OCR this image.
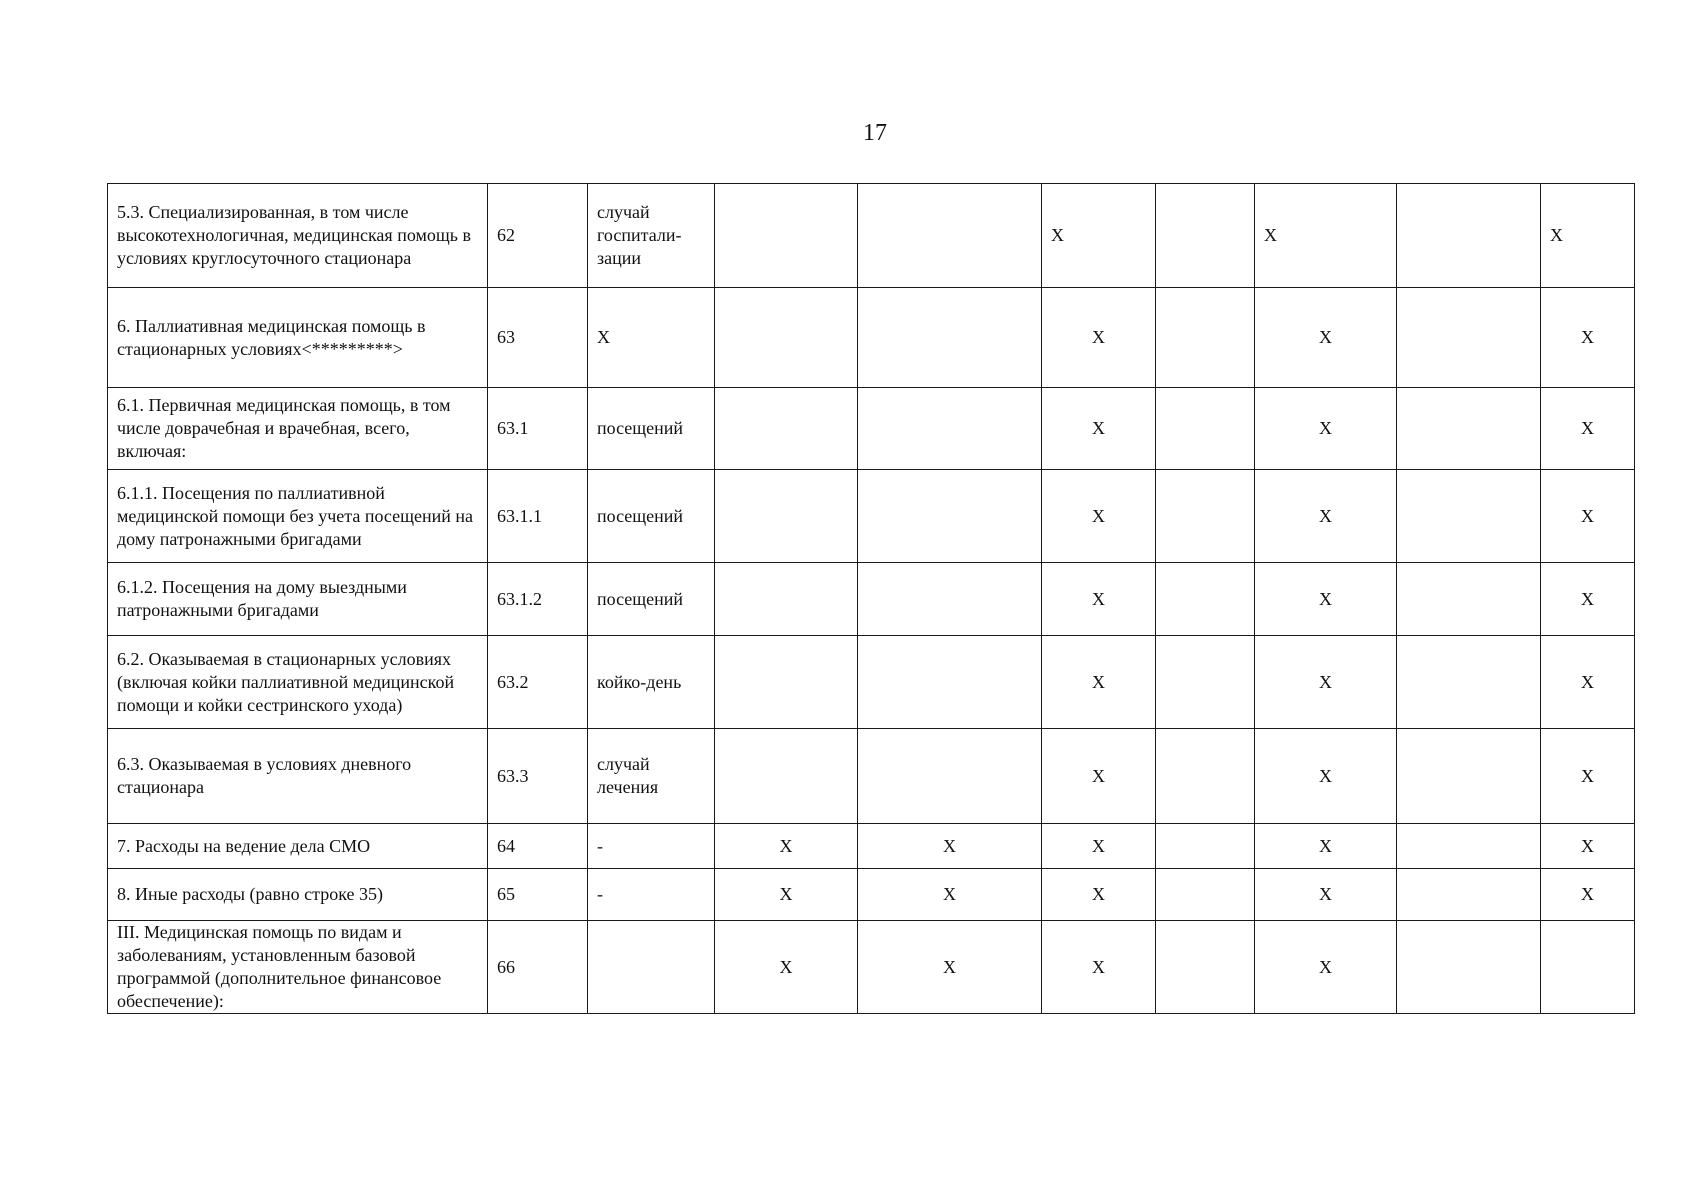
17
5.3. Специализированная, в том числе высокотехнологичная, медицинская помощь в условиях круглосуточного стационара	62	случай госпитали-зации			X		X		X
6. Паллиативная медицинская помощь в стационарных условиях<*********>	63	X			X		X		X
6.1. Первичная медицинская помощь, в том числе доврачебная и врачебная, всего, включая:	63.1	посещений			X		X		X
6.1.1. Посещения по паллиативной медицинской помощи без учета посещений на дому патронажными бригадами	63.1.1	посещений			X		X		X
6.1.2. Посещения на дому выездными патронажными бригадами	63.1.2	посещений			X		X		X
6.2. Оказываемая в стационарных условиях (включая койки паллиативной медицинской помощи и койки сестринского ухода)	63.2	койко-день			X		X		X
6.3. Оказываемая в условиях дневного стационара	63.3	случай лечения			X		X		X
7. Расходы на ведение дела СМО	64	-	X	X	X		X		X
8. Иные расходы (равно строке 35)	65	-	X	X	X		X		X
III. Медицинская помощь по видам и заболеваниям, установленным базовой программой (дополнительное финансовое обеспечение):	66		X	X	X		X		
